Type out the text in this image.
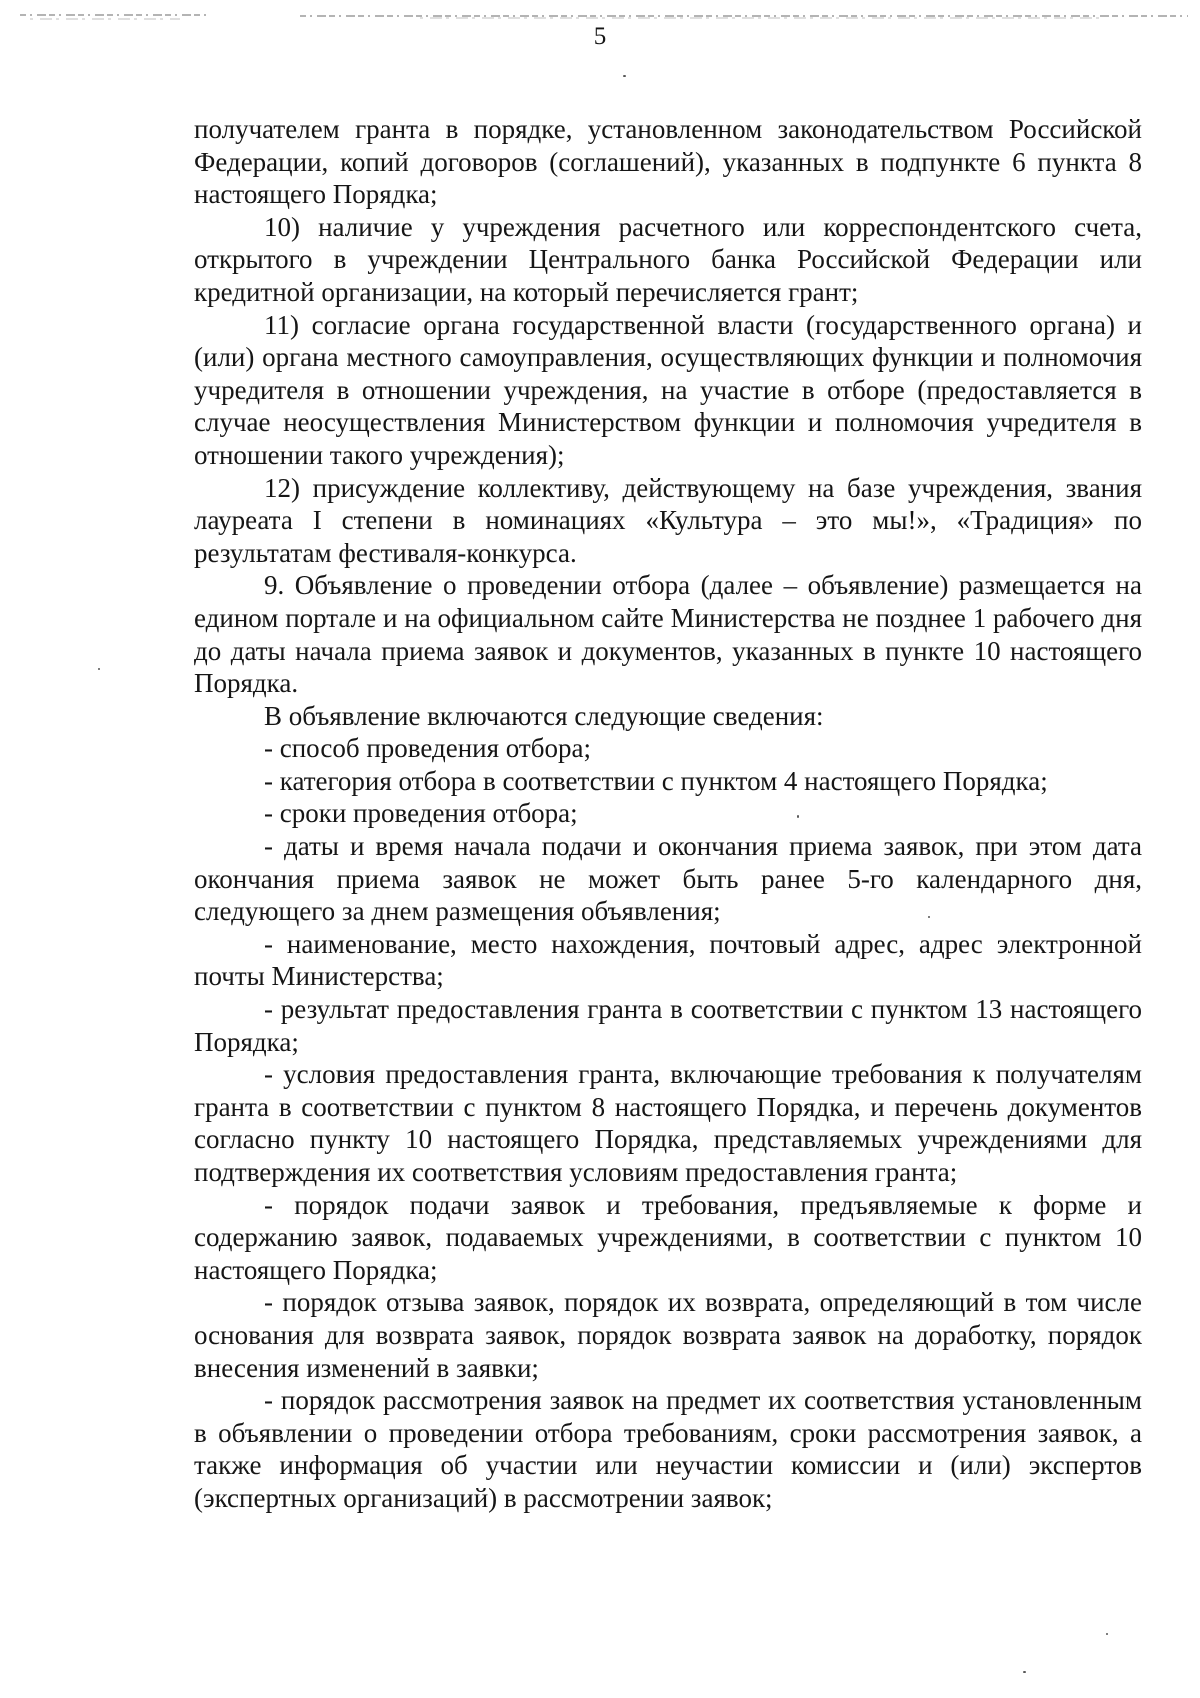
5

получателем гранта в порядке, установленном законодательством Российской Федерации, копий договоров (соглашений), указанных в подпункте 6 пункта 8 настоящего Порядка;

10) наличие у учреждения расчетного или корреспондентского счета, открытого в учреждении Центрального банка Российской Федерации или кредитной организации, на который перечисляется грант;

11) согласие органа государственной власти (государственного органа) и (или) органа местного самоуправления, осуществляющих функции и полномочия учредителя в отношении учреждения, на участие в отборе (предоставляется в случае неосуществления Министерством функции и полномочия учредителя в отношении такого учреждения);

12) присуждение коллективу, действующему на базе учреждения, звания лауреата I степени в номинациях «Культура – это мы!», «Традиция» по результатам фестиваля-конкурса.

9. Объявление о проведении отбора (далее – объявление) размещается на едином портале и на официальном сайте Министерства не позднее 1 рабочего дня до даты начала приема заявок и документов, указанных в пункте 10 настоящего Порядка.

В объявление включаются следующие сведения:

- способ проведения отбора;

- категория отбора в соответствии с пунктом 4 настоящего Порядка;

- сроки проведения отбора;

- даты и время начала подачи и окончания приема заявок, при этом дата окончания приема заявок не может быть ранее 5-го календарного дня, следующего за днем размещения объявления;

- наименование, место нахождения, почтовый адрес, адрес электронной почты Министерства;

- результат предоставления гранта в соответствии с пунктом 13 настоящего Порядка;

- условия предоставления гранта, включающие требования к получателям гранта в соответствии с пунктом 8 настоящего Порядка, и перечень документов согласно пункту 10 настоящего Порядка, представляемых учреждениями для подтверждения их соответствия условиям предоставления гранта;

- порядок подачи заявок и требования, предъявляемые к форме и содержанию заявок, подаваемых учреждениями, в соответствии с пунктом 10 настоящего Порядка;

- порядок отзыва заявок, порядок их возврата, определяющий в том числе основания для возврата заявок, порядок возврата заявок на доработку, порядок внесения изменений в заявки;

- порядок рассмотрения заявок на предмет их соответствия установленным в объявлении о проведении отбора требованиям, сроки рассмотрения заявок, а также информация об участии или неучастии комиссии и (или) экспертов (экспертных организаций) в рассмотрении заявок;
